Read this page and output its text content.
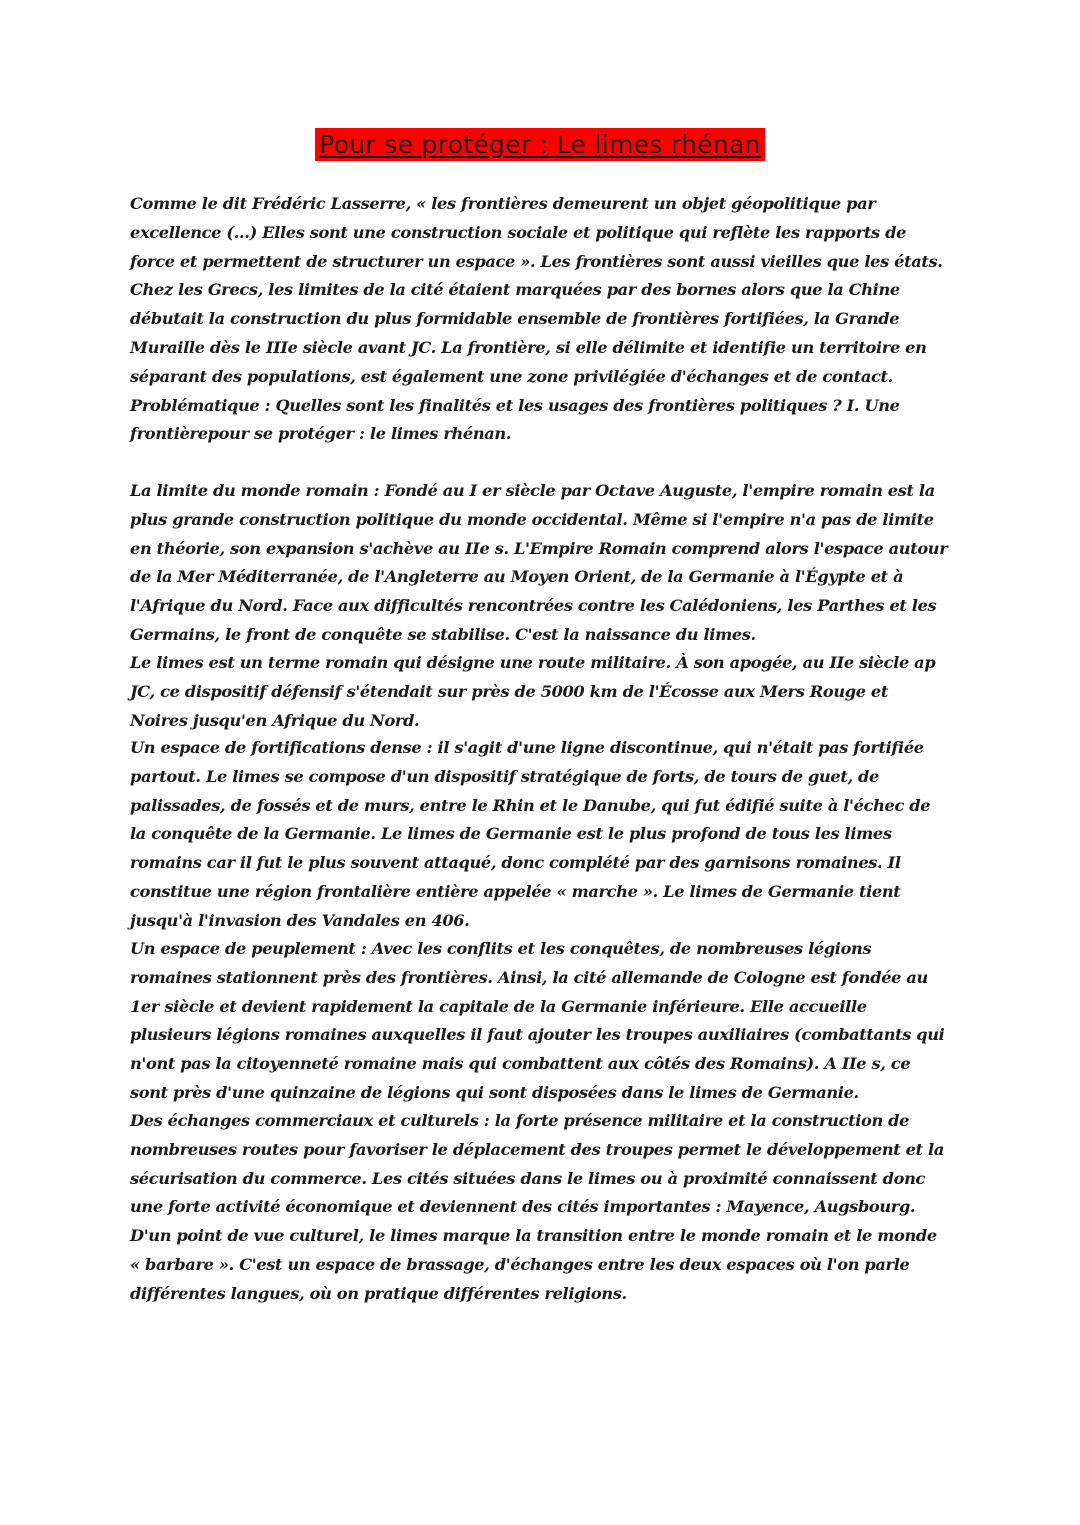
Pour se protéger : Le limes rhénan

Comme le dit Frédéric Lasserre, « les frontières demeurent un objet géopolitique par excellence (...) Elles sont une construction sociale et politique qui reflète les rapports de force et permettent de structurer un espace ». Les frontières sont aussi vieilles que les états. Chez les Grecs, les limites de la cité étaient marquées par des bornes alors que la Chine débutait la construction du plus formidable ensemble de frontières fortifiées, la Grande Muraille dès le IIIe siècle avant JC. La frontière, si elle délimite et identifie un territoire en séparant des populations, est également une zone privilégiée d'échanges et de contact. Problématique : Quelles sont les finalités et les usages des frontières politiques ? I. Une frontièrepour se protéger : le limes rhénan.

La limite du monde romain : Fondé au I er siècle par Octave Auguste, l'empire romain est la plus grande construction politique du monde occidental. Même si l'empire n'a pas de limite en théorie, son expansion s'achève au IIe s. L'Empire Romain comprend alors l'espace autour de la Mer Méditerranée, de l'Angleterre au Moyen Orient, de la Germanie à l'Égypte et à l'Afrique du Nord. Face aux difficultés rencontrées contre les Calédoniens, les Parthes et les Germains, le front de conquête se stabilise. C'est la naissance du limes.

Le limes est un terme romain qui désigne une route militaire. À son apogée, au IIe siècle ap JC, ce dispositif défensif s'étendait sur près de 5000 km de l'Écosse aux Mers Rouge et Noires jusqu'en Afrique du Nord.

Un espace de fortifications dense : il s'agit d'une ligne discontinue, qui n'était pas fortifiée partout. Le limes se compose d'un dispositif stratégique de forts, de tours de guet, de palissades, de fossés et de murs, entre le Rhin et le Danube, qui fut édifié suite à l'échec de la conquête de la Germanie. Le limes de Germanie est le plus profond de tous les limes romains car il fut le plus souvent attaqué, donc complété par des garnisons romaines. Il constitue une région frontalière entière appelée « marche ». Le limes de Germanie tient jusqu'à l'invasion des Vandales en 406.

Un espace de peuplement : Avec les conflits et les conquêtes, de nombreuses légions romaines stationnent près des frontières. Ainsi, la cité allemande de Cologne est fondée au 1er siècle et devient rapidement la capitale de la Germanie inférieure. Elle accueille plusieurs légions romaines auxquelles il faut ajouter les troupes auxiliaires (combattants qui n'ont pas la citoyenneté romaine mais qui combattent aux côtés des Romains). A IIe s, ce sont près d'une quinzaine de légions qui sont disposées dans le limes de Germanie.

Des échanges commerciaux et culturels : la forte présence militaire et la construction de nombreuses routes pour favoriser le déplacement des troupes permet le développement et la sécurisation du commerce. Les cités situées dans le limes ou à proximité connaissent donc une forte activité économique et deviennent des cités importantes : Mayence, Augsbourg. D'un point de vue culturel, le limes marque la transition entre le monde romain et le monde « barbare ». C'est un espace de brassage, d'échanges entre les deux espaces où l'on parle différentes langues, où on pratique différentes religions.
